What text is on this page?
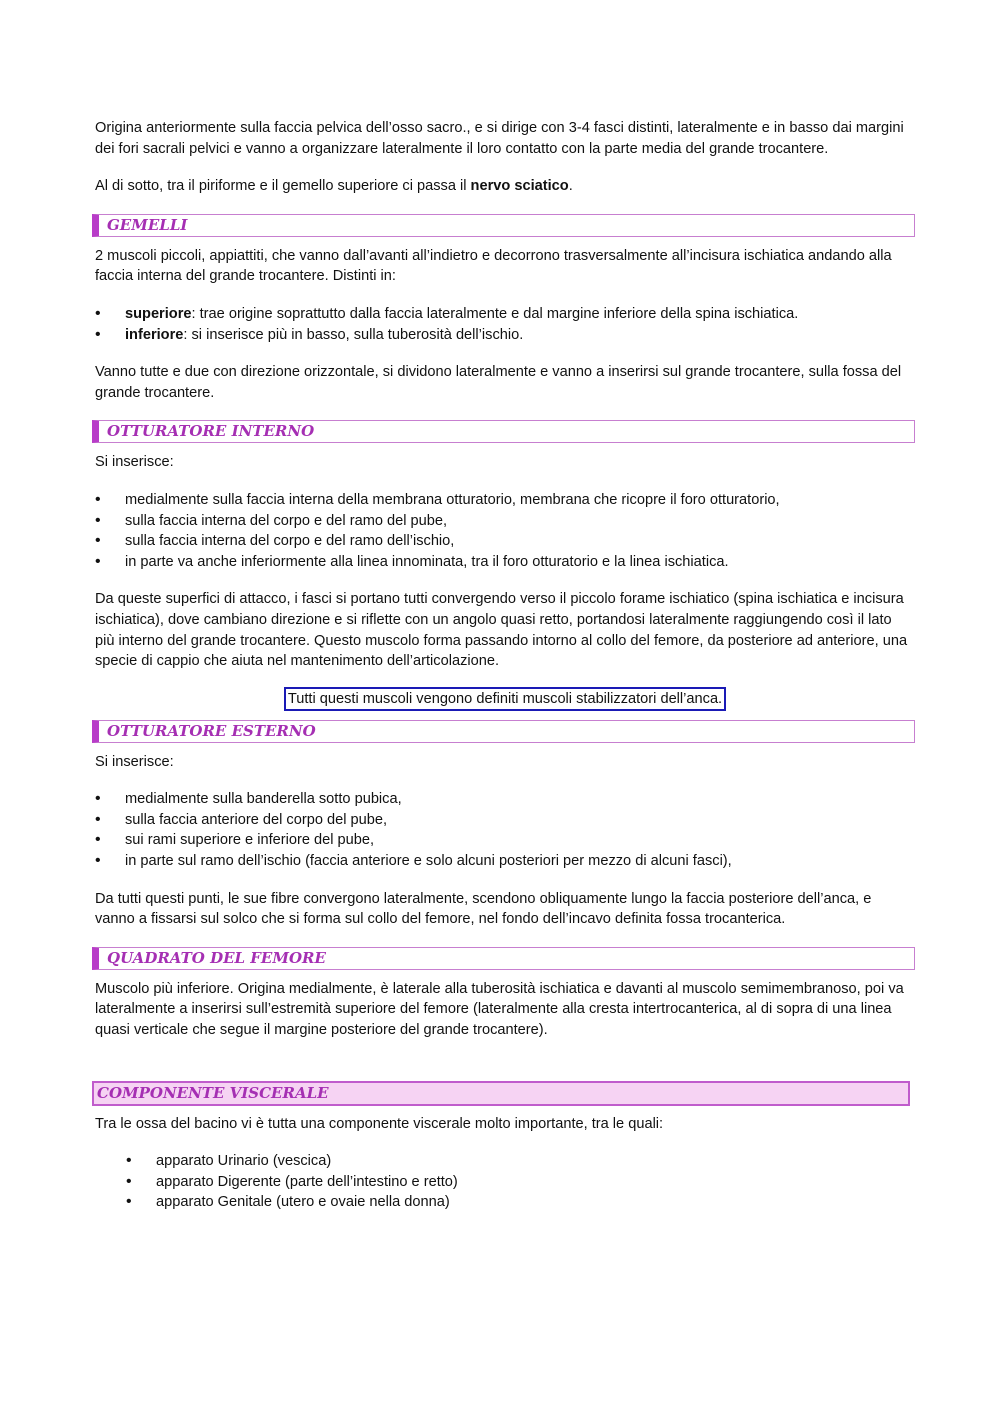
Origina anteriormente sulla faccia pelvica dell’osso sacro., e si dirige con 3-4 fasci distinti, lateralmente e in basso dai margini dei fori sacrali pelvici e vanno a organizzare lateralmente il loro contatto con la parte media del grande trocantere.

Al di sotto, tra il piriforme e il gemello superiore ci passa il nervo sciatico.

GEMELLI

2 muscoli piccoli, appiattiti, che vanno dall’avanti all’indietro e decorrono trasversalmente all’incisura ischiatica andando alla faccia interna del grande trocantere. Distinti in:

• superiore: trae origine soprattutto dalla faccia lateralmente e dal margine inferiore della spina ischiatica.
• inferiore: si inserisce più in basso, sulla tuberosità dell’ischio.

Vanno tutte e due con direzione orizzontale, si dividono lateralmente e vanno a inserirsi sul grande trocantere, sulla fossa del grande trocantere.

OTTURATORE INTERNO

Si inserisce:

• medialmente sulla faccia interna della membrana otturatorio, membrana che ricopre il foro otturatorio,
• sulla faccia interna del corpo e del ramo del pube,
• sulla faccia interna del corpo e del ramo dell’ischio,
• in parte va anche inferiormente alla linea innominata, tra il foro otturatorio e la linea ischiatica.

Da queste superfici di attacco, i fasci si portano tutti convergendo verso il piccolo forame ischiatico (spina ischiatica e incisura ischiatica), dove cambiano direzione e si riflette con un angolo quasi retto, portandosi lateralmente raggiungendo così il lato più interno del grande trocantere. Questo muscolo forma passando intorno al collo del femore, da posteriore ad anteriore, una specie di cappio che aiuta nel mantenimento dell’articolazione.

Tutti questi muscoli vengono definiti muscoli stabilizzatori dell’anca.
OTTURATORE ESTERNO

Si inserisce:

• medialmente sulla banderella sotto pubica,
• sulla faccia anteriore del corpo del pube,
• sui rami superiore e inferiore del pube,
• in parte sul ramo dell’ischio (faccia anteriore e solo alcuni posteriori per mezzo di alcuni fasci),

Da tutti questi punti, le sue fibre convergono lateralmente, scendono obliquamente lungo la faccia posteriore dell’anca, e vanno a fissarsi sul solco che si forma sul collo del femore, nel fondo dell’incavo definita fossa trocanterica.

QUADRATO DEL FEMORE

Muscolo più inferiore. Origina medialmente, è laterale alla tuberosità ischiatica e davanti al muscolo semimembranoso, poi va lateralmente a inserirsi sull’estremità superiore del femore (lateralmente alla cresta intertrocanterica, al di sopra di una linea quasi verticale che segue il margine posteriore del grande trocantere).

COMPONENTE VISCERALE

Tra le ossa del bacino vi è tutta una componente viscerale molto importante, tra le quali:

• apparato Urinario (vescica)
• apparato Digerente (parte dell’intestino e retto)
• apparato Genitale (utero e ovaie nella donna)
